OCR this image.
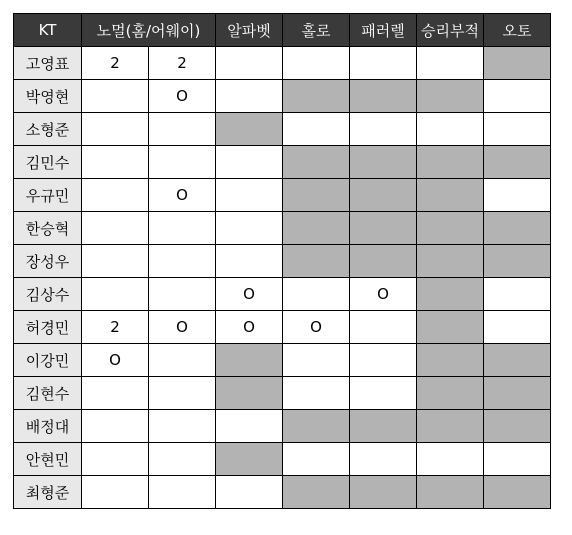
KT	노멀(홈/어웨이)		알파벳	홀로	패러렐	승리부적	오토
고영표	2	2					
박영현		O					
소형준							
김민수							
우규민		O					
한승혁							
장성우							
김상수			O		O		
허경민	2	O	O	O			
이강민	O						
김현수							
배정대							
안현민							
최형준							
